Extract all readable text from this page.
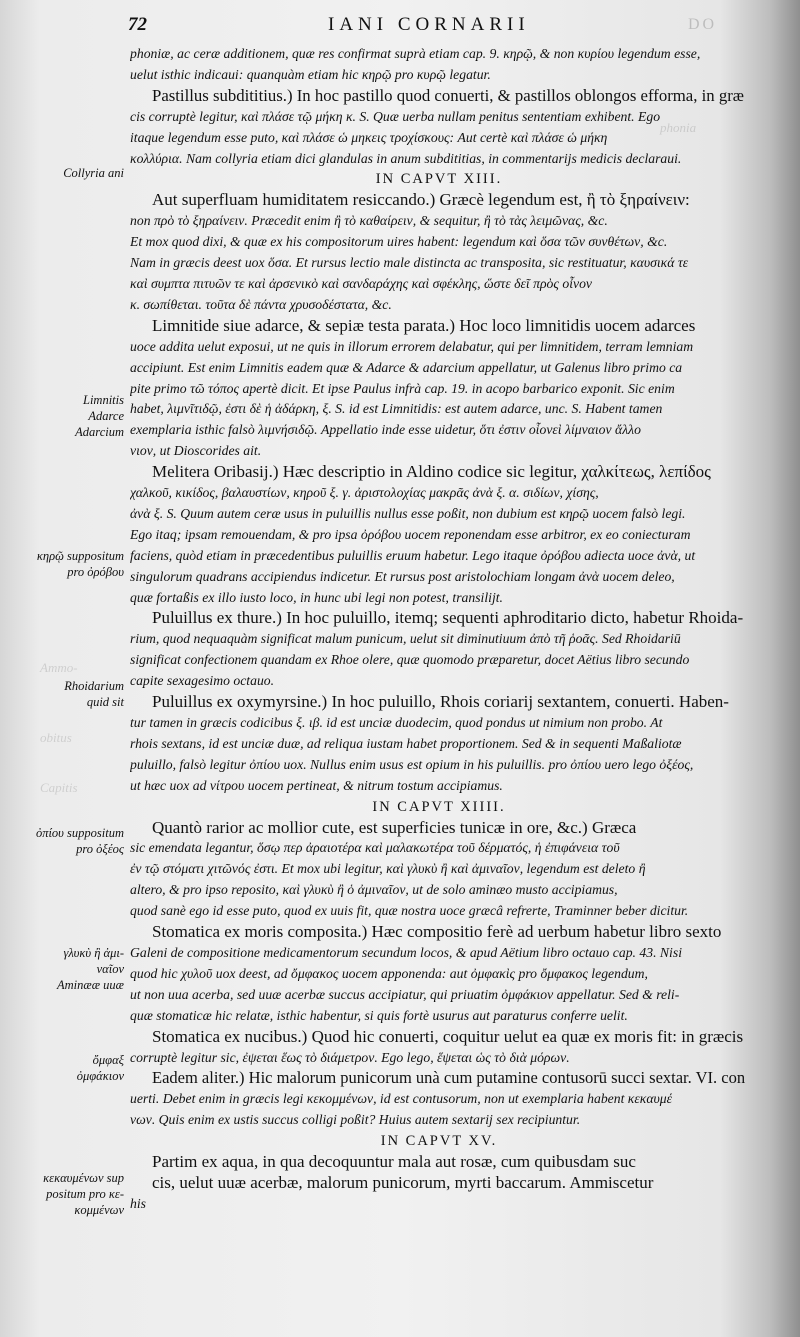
phonia
Ammo-
Capitis
obitus
72	IANI CORNARII	DO
phoniæ, ac ceræ additionem, quæ res confirmat suprà etiam cap. 9. κηρῷ, & non κυρίου legendum esse,
uelut isthic indicaui: quanquàm etiam hic κηρῷ pro κυρῷ legatur.
Pastillus subdititius.) In hoc pastillo quod conuerti, & pastillos oblongos efforma, in græ
cis corruptè legitur, καὶ πλάσε τῷ μήκη κ. S. Quæ uerba nullam penitus sententiam exhibent. Ego
itaque legendum esse puto, καὶ πλάσε ὡ μηκεις τροχίσκους: Aut certè καὶ πλάσε ὡ μήκη
κολλύρια. Nam collyria etiam dici glandulas in anum subdititias, in commentarijs medicis declaraui.
IN CAPVT XIII.
Aut superfluam humiditatem resiccando.) Græcè legendum est, ἢ τὸ ξηραίνειν:
non πρὸ τὸ ξηραίνειν. Præcedit enim ἢ τὸ καθαίρειν, & sequitur, ἢ τὸ τὰς λειμῶνας, &c.
Et mox quod dixi, & quæ ex his compositorum uires habent: legendum καὶ ὅσα τῶν συνθέτων, &c.
Nam in græcis deest uox ὅσα. Et rursus lectio male distincta ac transposita, sic restituatur, καυσικά τε
καὶ συμπτα πιτυῶν τε καὶ ἀρσενικὸ καὶ σανδαράχης καὶ σφέκλης, ὥστε δεῖ πρὸς οἶνον
κ. σωπίθεται. τοῦτα δὲ πάντα χρυσοδέστατα, &c.
Limnitide siue adarce, & sepiæ testa parata.) Hoc loco limnitidis uocem adarces
uoce addita uelut exposui, ut ne quis in illorum errorem delabatur, qui per limnitidem, terram lemniam
accipiunt. Est enim Limnitis eadem quæ & Adarce & adarcium appellatur, ut Galenus libro primo ca
pite primo τῶ τόπος apertè dicit. Et ipse Paulus infrà cap. 19. in acopo barbarico exponit. Sic enim
habet, λιμνῖτιδῷ, ἐστι δὲ ἡ ἀδάρκη, ξ. S. id est Limnitidis: est autem adarce, unc. S. Habent tamen
exemplaria isthic falsò λιμνήσιδῷ. Appellatio inde esse uidetur, ὅτι ἐστιν οἷονεὶ λίμναιον ἄλλο
νιον, ut Dioscorides ait.
Melitera Oribasij.) Hæc descriptio in Aldino codice sic legitur, χαλκίτεως, λεπίδος
χαλκοῦ, κικίδος, βαλαυστίων, κηροῦ ξ. γ. ἀριστολοχίας μακρᾶς ἀνὰ ξ. α. σιδίων, χίσης,
ἀνὰ ξ. S. Quum autem ceræ usus in puluillis nullus esse poßit, non dubium est κηρῷ uocem falsò legi.
Ego itaq; ipsam remouendam, & pro ipsa ὀρόβου uocem reponendam esse arbitror, ex eo coniecturam
faciens, quòd etiam in præcedentibus puluillis eruum habetur. Lego itaque ὀρόβου adiecta uoce ἀνὰ, ut
singulorum quadrans accipiendus indicetur. Et rursus post aristolochiam longam ἀνὰ uocem deleo,
quæ fortaßis ex illo iusto loco, in hunc ubi legi non potest, transilijt.
Puluillus ex thure.) In hoc puluillo, itemq; sequenti aphroditario dicto, habetur Rhoida-
rium, quod nequaquàm significat malum punicum, uelut sit diminutiuum ἀπὸ τῆ ῥοᾶς. Sed Rhoidariū
significat confectionem quandam ex Rhoe olere, quæ quomodo præparetur, docet Aëtius libro secundo
capite sexagesimo octauo.
Puluillus ex oxymyrsine.) In hoc puluillo, Rhois coriarij sextantem, conuerti. Haben-
tur tamen in græcis codicibus ξ. ιβ. id est unciæ duodecim, quod pondus ut nimium non probo. At
rhois sextans, id est unciæ duæ, ad reliqua iustam habet proportionem. Sed & in sequenti Maßaliotæ
puluillo, falsò legitur ὀπίου uox. Nullus enim usus est opium in his puluillis. pro ὀπίου uero lego ὀξέος,
ut hæc uox ad νίτρου uocem pertineat, & nitrum tostum accipiamus.
IN CAPVT XIIII.
Quantò rarior ac mollior cute, est superficies tunicæ in ore, &c.) Græca
sic emendata legantur, ὅσῳ περ ἀραιοτέρα καὶ μαλακωτέρα τοῦ δέρματός, ἡ ἐπιφάνεια τοῦ
ἐν τῷ στόματι χιτῶνός ἐστι. Et mox ubi legitur, καὶ γλυκὺ ἢ καὶ ἀμιναῖον, legendum est deleto ἢ
altero, & pro ipso reposito, καὶ γλυκὺ ἢ ὁ ἀμιναῖον, ut de solo aminæo musto accipiamus,
quod sanè ego id esse puto, quod ex uuis fit, quæ nostra uoce græcâ refrerte, Traminner beber dicitur.
Stomatica ex moris composita.) Hæc compositio ferè ad uerbum habetur libro sexto
Galeni de compositione medicamentorum secundum locos, & apud Aëtium libro octauo cap. 43. Nisi
quod hic χυλοῦ uox deest, ad ὄμφακος uocem apponenda: aut ὀμφακὶς pro ὄμφακος legendum,
ut non uua acerba, sed uuæ acerbæ succus accipiatur, qui priuatim ὀμφάκιον appellatur. Sed & reli-
quæ stomaticæ hic relatæ, isthic habentur, si quis fortè usurus aut paraturus conferre uelit.
Stomatica ex nucibus.) Quod hic conuerti, coquitur uelut ea quæ ex moris fit: in græcis
corruptè legitur sic, ἐψεται ἕως τὸ διάμετρον. Ego lego, ἕψεται ὡς τὸ διὰ μόρων.
Eadem aliter.) Hic malorum punicorum unà cum putamine contusorū succi sextar. VI. con
uerti. Debet enim in græcis legi κεκομμένων, id est contusorum, non ut exemplaria habent κεκαυμέ
νων. Quis enim ex ustis succus colligi poßit? Huius autem sextarij sex recipiuntur.
IN CAPVT XV.
Partim ex aqua, in qua decoquuntur mala aut rosæ, cum quibusdam suc
cis, uelut uuæ acerbæ, malorum punicorum, myrti baccarum. Ammiscetur
his
Collyria ani
Limnitis
Adarce
Adarcium
κηρῷ suppositum
pro ὀρόβου
Rhoidarium
quid sit
ὀπίου suppositum
pro ὀξέος
γλυκὺ ἢ ἀμι-
ναῖον
Aminææ uuæ
ὄμφαξ
ὀμφάκιον
κεκαυμένων sup
positum pro κε-
κομμένων
